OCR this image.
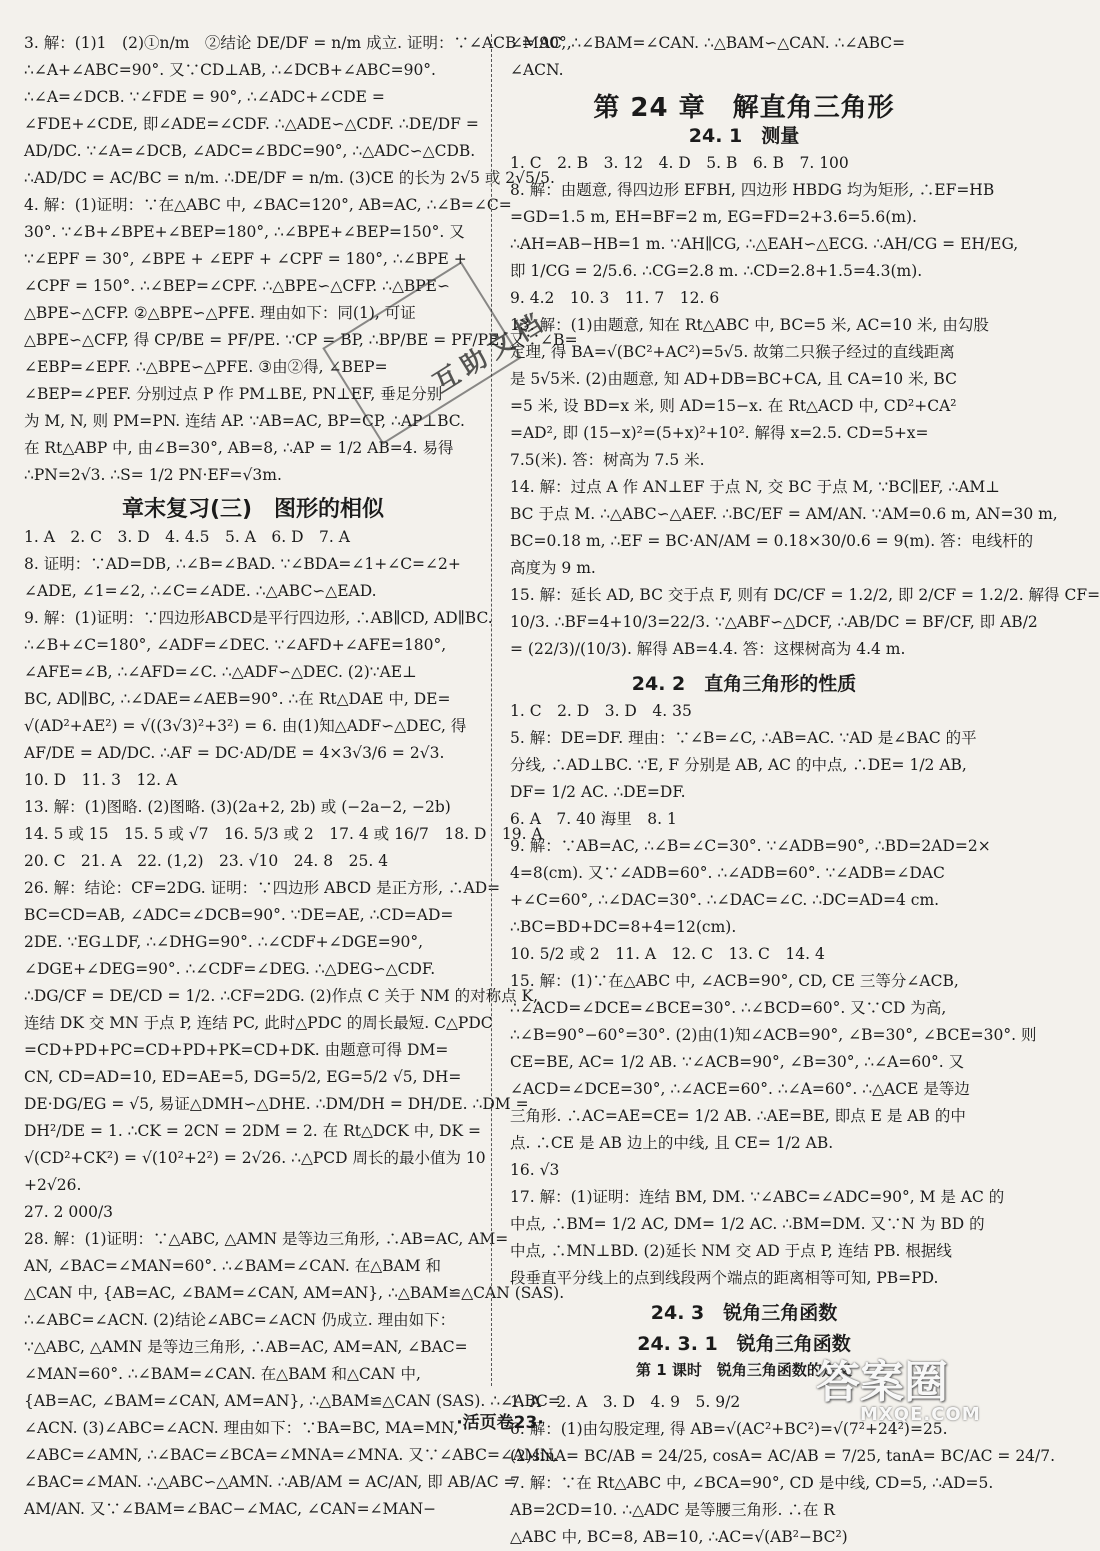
3. 解：(1)1　(2)①n/m　②结论 DE/DF = n/m 成立. 证明：∵∠ACB = 90°,
∴∠A+∠ABC=90°. 又∵CD⊥AB, ∴∠DCB+∠ABC=90°.
∴∠A=∠DCB. ∵∠FDE = 90°, ∴∠ADC+∠CDE =
∠FDE+∠CDE, 即∠ADE=∠CDF. ∴△ADE∽△CDF. ∴DE/DF =
AD/DC. ∵∠A=∠DCB, ∠ADC=∠BDC=90°, ∴△ADC∽△CDB.
∴AD/DC = AC/BC = n/m. ∴DE/DF = n/m. (3)CE 的长为 2√5 或 2√5/5.
4. 解：(1)证明：∵在△ABC 中, ∠BAC=120°, AB=AC, ∴∠B=∠C=
30°. ∵∠B+∠BPE+∠BEP=180°, ∴∠BPE+∠BEP=150°. 又
∵∠EPF = 30°, ∠BPE + ∠EPF + ∠CPF = 180°, ∴∠BPE +
∠CPF = 150°. ∴∠BEP=∠CPF. ∴△BPE∽△CFP. ∴△BPE∽
△BPE∽△CFP. ②△BPE∽△PFE. 理由如下：同(1), 可证
△BPE∽△CFP, 得 CP/BE = PF/PE. ∵CP = BP, ∴BP/BE = PF/PE. 又∵∠B=
∠EBP=∠EPF. ∴△BPE∽△PFE. ③由②得, ∠BEP=
∠BEP=∠PEF. 分别过点 P 作 PM⊥BE, PN⊥EF, 垂足分别
为 M, N, 则 PM=PN. 连结 AP. ∵AB=AC, BP=CP, ∴AP⊥BC.
在 Rt△ABP 中, 由∠B=30°, AB=8, ∴AP = 1/2 AB=4. 易得
∴PN=2√3. ∴S= 1/2 PN·EF=√3m.
章末复习(三)　图形的相似
1. A　2. C　3. D　4. 4.5　5. A　6. D　7. A
8. 证明：∵AD=DB, ∴∠B=∠BAD. ∵∠BDA=∠1+∠C=∠2+
∠ADE, ∠1=∠2, ∴∠C=∠ADE. ∴△ABC∽△EAD.
9. 解：(1)证明：∵四边形ABCD是平行四边形, ∴AB∥CD, AD∥BC.
∴∠B+∠C=180°, ∠ADF=∠DEC. ∵∠AFD+∠AFE=180°,
∠AFE=∠B, ∴∠AFD=∠C. ∴△ADF∽△DEC. (2)∵AE⊥
BC, AD∥BC, ∴∠DAE=∠AEB=90°. ∴在 Rt△DAE 中, DE=
√(AD²+AE²) = √((3√3)²+3²) = 6. 由(1)知△ADF∽△DEC, 得
AF/DE = AD/DC. ∴AF = DC·AD/DE = 4×3√3/6 = 2√3.
10. D　11. 3　12. A
13. 解：(1)图略. (2)图略. (3)(2a+2, 2b) 或 (−2a−2, −2b)
14. 5 或 15　15. 5 或 √7　16. 5/3 或 2　17. 4 或 16/7　18. D　19. A
20. C　21. A　22. (1,2)　23. √10　24. 8　25. 4
26. 解：结论：CF=2DG. 证明：∵四边形 ABCD 是正方形, ∴AD=
BC=CD=AB, ∠ADC=∠DCB=90°. ∵DE=AE, ∴CD=AD=
2DE. ∵EG⊥DF, ∴∠DHG=90°. ∴∠CDF+∠DGE=90°,
∠DGE+∠DEG=90°. ∴∠CDF=∠DEG. ∴△DEG∽△CDF.
∴DG/CF = DE/CD = 1/2. ∴CF=2DG. (2)作点 C 关于 NM 的对称点 K,
连结 DK 交 MN 于点 P, 连结 PC, 此时△PDC 的周长最短. C△PDC
=CD+PD+PC=CD+PD+PK=CD+DK. 由题意可得 DM=
CN, CD=AD=10, ED=AE=5, DG=5/2, EG=5/2 √5, DH=
DE·DG/EG = √5, 易证△DMH∽△DHE. ∴DM/DH = DH/DE. ∴DM =
DH²/DE = 1. ∴CK = 2CN = 2DM = 2. 在 Rt△DCK 中, DK =
√(CD²+CK²) = √(10²+2²) = 2√26. ∴△PCD 周长的最小值为 10
+2√26.
27. 2 000/3
28. 解：(1)证明：∵△ABC, △AMN 是等边三角形, ∴AB=AC, AM=
AN, ∠BAC=∠MAN=60°. ∴∠BAM=∠CAN. 在△BAM 和
△CAN 中, {AB=AC, ∠BAM=∠CAN, AM=AN}, ∴△BAM≌△CAN (SAS).
∴∠ABC=∠ACN. (2)结论∠ABC=∠ACN 仍成立. 理由如下：
∵△ABC, △AMN 是等边三角形, ∴AB=AC, AM=AN, ∠BAC=
∠MAN=60°. ∴∠BAM=∠CAN. 在△BAM 和△CAN 中,
{AB=AC, ∠BAM=∠CAN, AM=AN}, ∴△BAM≌△CAN (SAS). ∴∠ABC=
∠ACN. (3)∠ABC=∠ACN. 理由如下：∵BA=BC, MA=MN,
∠ABC=∠AMN, ∴∠BAC=∠BCA=∠MNA=∠MNA. 又∵∠ABC=∠AMN,
∠BAC=∠MAN. ∴△ABC∽△AMN. ∴AB/AM = AC/AN, 即 AB/AC =
AM/AN. 又∵∠BAM=∠BAC−∠MAC, ∠CAN=∠MAN−
∠MAC, ∴∠BAM=∠CAN. ∴△BAM∽△CAN. ∴∠ABC=
∠ACN.
第 24 章　解直角三角形
24. 1　测量
1. C　2. B　3. 12　4. D　5. B　6. B　7. 100
8. 解：由题意, 得四边形 EFBH, 四边形 HBDG 均为矩形, ∴EF=HB
=GD=1.5 m, EH=BF=2 m, EG=FD=2+3.6=5.6(m).
∴AH=AB−HB=1 m. ∵AH∥CG, ∴△EAH∽△ECG. ∴AH/CG = EH/EG,
即 1/CG = 2/5.6. ∴CG=2.8 m. ∴CD=2.8+1.5=4.3(m).
9. 4.2　10. 3　11. 7　12. 6
13. 解：(1)由题意, 知在 Rt△ABC 中, BC=5 米, AC=10 米, 由勾股
定理, 得 BA=√(BC²+AC²)=5√5. 故第二只猴子经过的直线距离
是 5√5米. (2)由题意, 知 AD+DB=BC+CA, 且 CA=10 米, BC
=5 米, 设 BD=x 米, 则 AD=15−x. 在 Rt△ACD 中, CD²+CA²
=AD², 即 (15−x)²=(5+x)²+10². 解得 x=2.5. CD=5+x=
7.5(米). 答：树高为 7.5 米.
14. 解：过点 A 作 AN⊥EF 于点 N, 交 BC 于点 M, ∵BC∥EF, ∴AM⊥
BC 于点 M. ∴△ABC∽△AEF. ∴BC/EF = AM/AN. ∵AM=0.6 m, AN=30 m,
BC=0.18 m, ∴EF = BC·AN/AM = 0.18×30/0.6 = 9(m). 答：电线杆的
高度为 9 m.
15. 解：延长 AD, BC 交于点 F, 则有 DC/CF = 1.2/2, 即 2/CF = 1.2/2. 解得 CF=
10/3. ∴BF=4+10/3=22/3. ∵△ABF∽△DCF, ∴AB/DC = BF/CF, 即 AB/2
= (22/3)/(10/3). 解得 AB=4.4. 答：这棵树高为 4.4 m.
24. 2　直角三角形的性质
1. C　2. D　3. D　4. 35
5. 解：DE=DF. 理由：∵∠B=∠C, ∴AB=AC. ∵AD 是∠BAC 的平
分线, ∴AD⊥BC. ∵E, F 分别是 AB, AC 的中点, ∴DE= 1/2 AB,
DF= 1/2 AC. ∴DE=DF.
6. A　7. 40 海里　8. 1
9. 解：∵AB=AC, ∴∠B=∠C=30°. ∵∠ADB=90°, ∴BD=2AD=2×
4=8(cm). 又∵∠ADB=60°. ∴∠ADB=60°. ∵∠ADB=∠DAC
+∠C=60°, ∴∠DAC=30°. ∴∠DAC=∠C. ∴DC=AD=4 cm.
∴BC=BD+DC=8+4=12(cm).
10. 5/2 或 2　11. A　12. C　13. C　14. 4
15. 解：(1)∵在△ABC 中, ∠ACB=90°, CD, CE 三等分∠ACB,
∴∠ACD=∠DCE=∠BCE=30°. ∴∠BCD=60°. 又∵CD 为高,
∴∠B=90°−60°=30°. (2)由(1)知∠ACB=90°, ∠B=30°, ∠BCE=30°. 则
CE=BE, AC= 1/2 AB. ∵∠ACB=90°, ∠B=30°, ∴∠A=60°. 又
∠ACD=∠DCE=30°, ∴∠ACE=60°. ∴∠A=60°. ∴△ACE 是等边
三角形. ∴AC=AE=CE= 1/2 AB. ∴AE=BE, 即点 E 是 AB 的中
点. ∴CE 是 AB 边上的中线, 且 CE= 1/2 AB.
16. √3
17. 解：(1)证明：连结 BM, DM. ∵∠ABC=∠ADC=90°, M 是 AC 的
中点, ∴BM= 1/2 AC, DM= 1/2 AC. ∴BM=DM. 又∵N 为 BD 的
中点, ∴MN⊥BD. (2)延长 NM 交 AD 于点 P, 连结 PB. 根据线
段垂直平分线上的点到线段两个端点的距离相等可知, PB=PD.
24. 3　锐角三角函数
24. 3. 1　锐角三角函数
第 1 课时　锐角三角函数的定义
1. A　2. A　3. D　4. 9　5. 9/2
6. 解：(1)由勾股定理, 得 AB=√(AC²+BC²)=√(7²+24²)=25.
(2)sinA= BC/AB = 24/25, cosA= AC/AB = 7/25, tanA= BC/AC = 24/7.
7. 解：∵在 Rt△ABC 中, ∠BCA=90°, CD 是中线, CD=5, ∴AD=5.
AB=2CD=10. ∴△ADC 是等腰三角形. ∴在 R
△ABC 中, BC=8, AB=10, ∴AC=√(AB²−BC²)
互助文档
·活页卷23·
答案圈
MXQE.COM
